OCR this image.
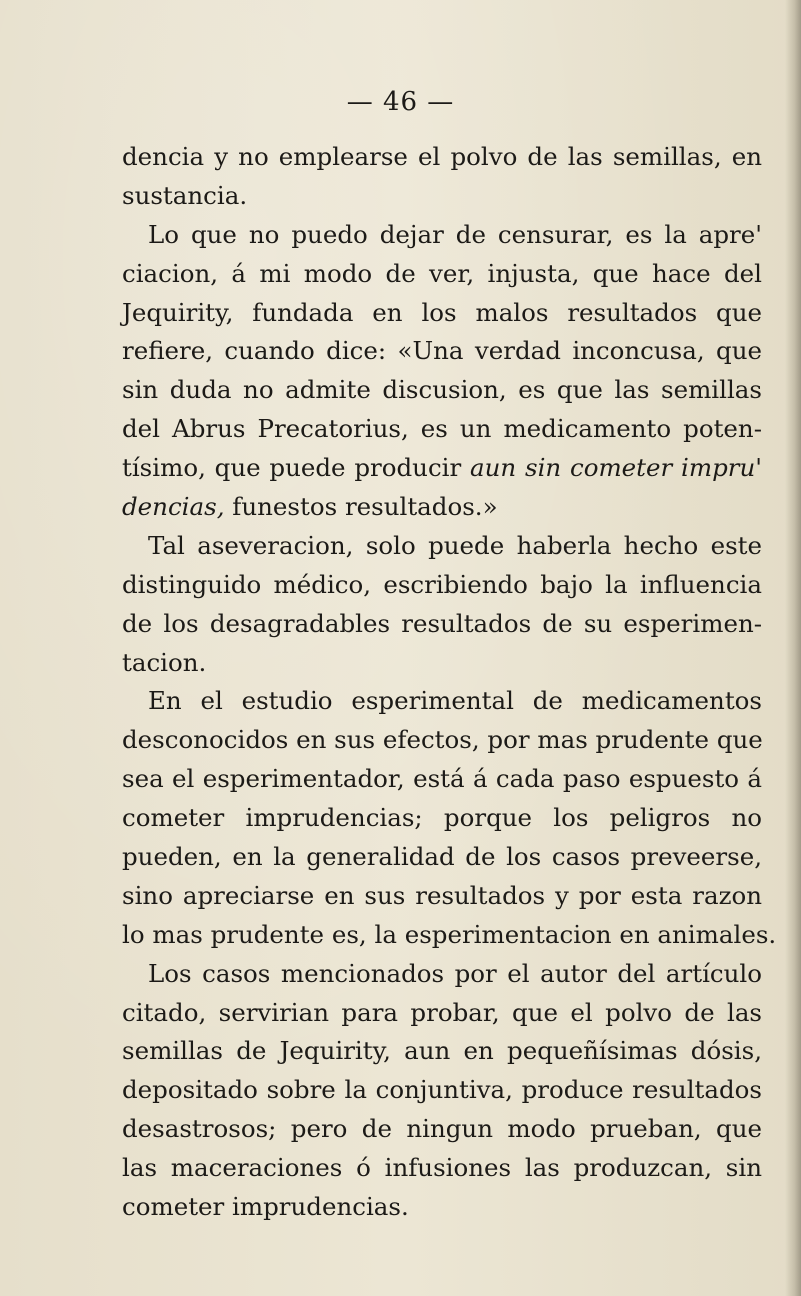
— 46 —
dencia y no emplearse el polvo de las semillas, en
sustancia.
Lo que no puedo dejar de censurar, es la apre'
ciacion, á mi modo de ver, injusta, que hace del
Jequirity, fundada en los malos resultados que
refiere, cuando dice: «Una verdad inconcusa, que
sin duda no admite discusion, es que las semillas
del Abrus Precatorius, es un medicamento poten-
tísimo, que puede producir aun sin cometer impru'
dencias, funestos resultados.»
Tal aseveracion, solo puede haberla hecho este
distinguido médico, escribiendo bajo la influencia
de los desagradables resultados de su esperimen-
tacion.
En el estudio esperimental de medicamentos
desconocidos en sus efectos, por mas prudente que
sea el esperimentador, está á cada paso espuesto á
cometer imprudencias; porque los peligros no
pueden, en la generalidad de los casos preveerse,
sino apreciarse en sus resultados y por esta razon
lo mas prudente es, la esperimentacion en animales.
Los casos mencionados por el autor del artículo
citado, servirian para probar, que el polvo de las
semillas de Jequirity, aun en pequeñísimas dósis,
depositado sobre la conjuntiva, produce resultados
desastrosos; pero de ningun modo prueban, que
las maceraciones ó infusiones las produzcan, sin
cometer imprudencias.
